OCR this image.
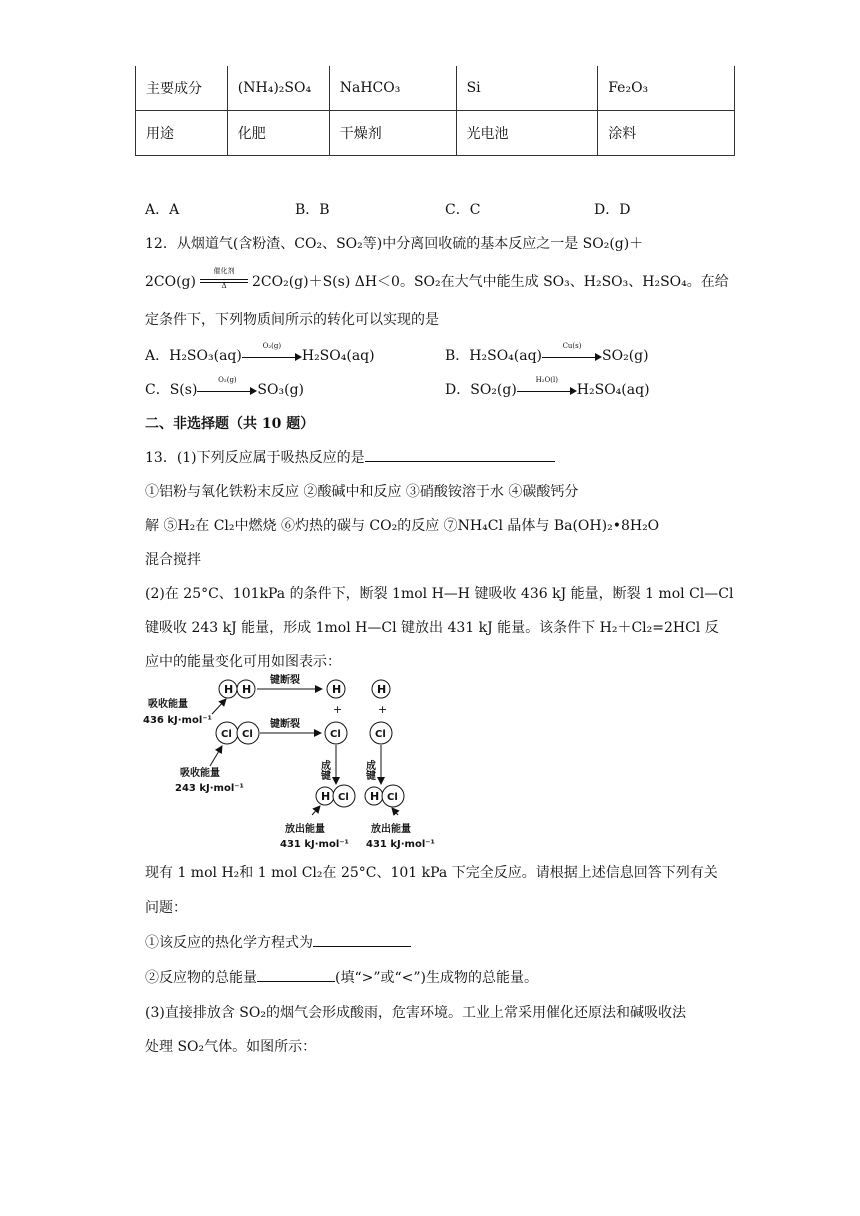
主要成分	(NH₄)₂SO₄	NaHCO₃	Si	Fe₂O₃
用途	化肥	干燥剂	光电池	涂料
A．A	B．B	C．C	D．D
12．从烟道气(含粉渣、CO₂、SO₂等)中分离回收硫的基本反应之一是 SO₂(g)＋
2CO(g)
催化剂
Δ	2CO₂(g)＋S(s) ΔH＜0。SO₂在大气中能生成 SO₃、H₂SO₃、H₂SO₄。在给
定条件下，下列物质间所示的转化可以实现的是
A．H₂SO₃(aq)
O₂(g)
H₂SO₄(aq)	B．H₂SO₄(aq)
Cu(s)
SO₂(g)
C．S(s)
O₂(g)
SO₃(g)	D．SO₂(g)
H₂O(l)
H₂SO₄(aq)
二、非选择题（共 10 题）
13．(1)下列反应属于吸热反应的是
①铝粉与氧化铁粉末反应 ②酸碱中和反应 ③硝酸铵溶于水 ④碳酸钙分
解 ⑤H₂在 Cl₂中燃烧 ⑥灼热的碳与 CO₂的反应 ⑦NH₄Cl 晶体与 Ba(OH)₂•8H₂O
混合搅拌
(2)在 25°C、101kPa 的条件下，断裂 1mol H—H 键吸收 436 kJ 能量，断裂 1 mol Cl—Cl
键吸收 243 kJ 能量，形成 1mol H—Cl 键放出 431 kJ 能量。该条件下 H₂＋Cl₂=2HCl 反
应中的能量变化可用如图表示：
H H
键断裂
H	H
+	+
吸收能量
436 kJ·mol⁻¹
Cl Cl
键断裂
Cl	Cl
吸收能量
243 kJ·mol⁻¹
成键	成键
H Cl H Cl
放出能量
431 kJ·mol⁻¹
放出能量
431 kJ·mol⁻¹
现有 1 mol H₂和 1 mol Cl₂在 25°C、101 kPa 下完全反应。请根据上述信息回答下列有关
问题：
①该反应的热化学方程式为
②反应物的总能量	(填“>”或“<”)生成物的总能量。
(3)直接排放含 SO₂的烟气会形成酸雨，危害环境。工业上常采用催化还原法和碱吸收法
处理 SO₂气体。如图所示：
